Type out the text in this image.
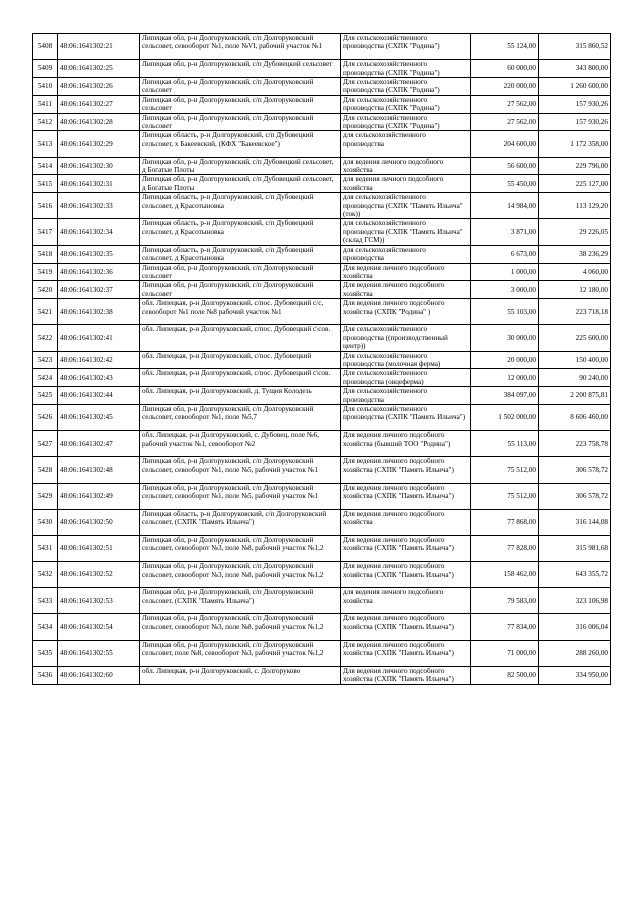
5408	48:06:1641302:21	Липецкая обл, р-н Долгоруковский, с/п Долгоруковский сельсовет, севооборот №1, поле №VI, рабочий участок №1	Для сельскохозяйственного производства (СХПК "Родина")	55 124,00	315 860,52
5409	48:06:1641302:25	Липецкая обл, р-н Долгоруковский, с/п Дубовецкий сельсовет	Для сельскохозяйственного производства (СХПК "Родина")	60 000,00	343 800,00
5410	48:06:1641302:26	Липецкая обл, р-н Долгоруковский, с/п Долгоруковский сельсовет	Для сельскохозяйственного производства (СХПК "Родина")	220 000,00	1 260 600,00
5411	48:06:1641302:27	Липецкая обл, р-н Долгоруковский, с/п Долгоруковский сельсовет	Для сельскохозяйственного производства (СХПК "Родина")	27 562,00	157 930,26
5412	48:06:1641302:28	Липецкая обл, р-н Долгоруковский, с/п Долгоруковский сельсовет	Для сельскохозяйственного производства (СХПК "Родина")	27 562,00	157 930,26
5413	48:06:1641302:29	Липецкая область, р-н Долгоруковский, с/п Дубовецкий сельсовет, х Бакеевский, (КФХ "Бакеевское")	для сельскохозяйственного производства	204 600,00	1 172 358,00
5414	48:06:1641302:30	Липецкая обл, р-н Долгоруковский, с/п Дубовецкий сельсовет, д Богатые Плоты	для ведения личного подсобного хозяйства	56 600,00	229 796,00
5415	48:06:1641302:31	Липецкая обл, р-н Долгоруковский, с/п Дубовецкий сельсовет, д Богатые Плоты	для ведения личного подсобного хозяйства	55 450,00	225 127,00
5416	48:06:1641302:33	Липецкая область, р-н Долгоруковский, с/п Дубовецкий сельсовет, д Красотыновка	для сельскохозяйственного производства (СХПК "Память Ильича" (ток))	14 984,00	113 129,20
5417	48:06:1641302:34	Липецкая область, р-н Долгоруковский, с/п Дубовецкий сельсовет, д Красотыновка	для сельскохозяйственного производства (СХПК "Память Ильича" (склад ГСМ))	3 871,00	29 226,05
5418	48:06:1641302:35	Липецкая область, р-н Долгоруковский, с/п Дубовецкий сельсовет, д Красотыновка	для сельскохозяйственного производства	6 673,00	38 236,29
5419	48:06:1641302:36	Липецкая обл, р-н Долгоруковский, с/п Долгоруковский сельсовет	Для ведения личного подсобного хозяйства	1 000,00	4 060,00
5420	48:06:1641302:37	Липецкая обл, р-н Долгоруковский, с/п Долгоруковский сельсовет	Для ведения личного подсобного хозяйства	3 000,00	12 180,00
5421	48:06:1641302:38	обл. Липецкая, р-н Долгоруковский, с/пос. Дубовецкий с/с, севооборот №1 поле №8 рабочий участок №1	Для ведения личного подсобного хозяйства (СХПК "Родина" )	55 103,00	223 718,18
5422	48:06:1641302:41	обл. Липецкая, р-н Долгоруковский, с/пос. Дубовецкий с\сов.	Для сельскохозяйственного производства ((производственный центр))	30 000,00	225 600,00
5423	48:06:1641302:42	обл. Липецкая, р-н Долгоруковский, с/пос. Дубовецкий	Для сельскохозяйственного производства (молочная ферма)	20 000,00	150 400,00
5424	48:06:1641302:43	обл. Липецкая, р-н Долгоруковский, с/пос. Дубовецкий с\сов.	Для сельскохозяйственного производства (овцеферма)	12 000,00	90 240,00
5425	48:06:1641302:44	обл. Липецкая, р-н Долгоруковский, д. Тущня Колодезь	Для сельскохозяйственного производства	384 097,00	2 200 875,81
5426	48:06:1641302:45	Липецкая обл, р-н Долгоруковский, с/п Долгоруковский сельсовет, севооборот №1, поле №5,7	Для сельскохозяйственного производства (СХПК "Память Ильича")	1 502 000,00	8 606 460,00
5427	48:06:1641302:47	обл. Липецкая, р-н Долгоруковский, с. Дубовец, поле №6, рабочий участок №1, севооборот №2	Для ведения личного подсобного хозяйства (бывший ТОО "Родина")	55 113,00	223 758,78
5428	48:06:1641302:48	Липецкая обл, р-н Долгоруковский, с/п Долгоруковский сельсовет, севооборот №1, поле №5, рабочий участок №1	Для ведения личного подсобного хозяйства (СХПК "Память Ильича")	75 512,00	306 578,72
5429	48:06:1641302:49	Липецкая обл, р-н Долгоруковский, с/п Долгоруковский сельсовет, севооборот №1, поле №5, рабочий участок №1	Для ведения личного подсобного хозяйства (СХПК "Память Ильича")	75 512,00	306 578,72
5430	48:06:1641302:50	Липецкая область, р-н Долгоруковский, с/п Долгоруковский сельсовет, (СХПК "Память Ильича")	Для ведения личного подсобного хозяйства	77 868,00	316 144,08
5431	48:06:1641302:51	Липецкая обл, р-н Долгоруковский, с/п Долгоруковский сельсовет, севооборот №3, поле №8, рабочий участок №1,2	Для ведения личного подсобного хозяйства (СХПК "Память Ильича")	77 828,00	315 981,68
5432	48:06:1641302:52	Липецкая обл, р-н Долгоруковский, с/п Долгоруковский сельсовет, севооборот №3, поле №8, рабочий участок №1,2	Для ведения личного подсобного хозяйства (СХПК "Память Ильича")	158 462,00	643 355,72
5433	48:06:1641302:53	Липецкая обл, р-н Долгоруковский, с/п Долгоруковский сельсовет, (СХПК "Память Ильича")	для ведения личного подсобного хозяйства	79 583,00	323 106,98
5434	48:06:1641302:54	Липецкая обл, р-н Долгоруковский, с/п Долгоруковский сельсовет, севооборот №3, поле №8, рабочий участок №1,2	Для ведения личного подсобного хозяйства (СХПК "Память Ильича")	77 834,00	316 006,04
5435	48:06:1641302:55	Липецкая обл, р-н Долгоруковский, с/п Долгоруковский сельсовет, поле №8, севооборот №3, рабочий участок №1,2	Для ведения личного подсобного хозяйства (СХПК "Память Ильича")	71 000,00	288 260,00
5436	48:06:1641302:60	обл. Липецкая, р-н Долгоруковский, с. Долгоруково	Для ведения личного подсобного хозяйства (СХПК "Память Ильича")	82 500,00	334 950,00
